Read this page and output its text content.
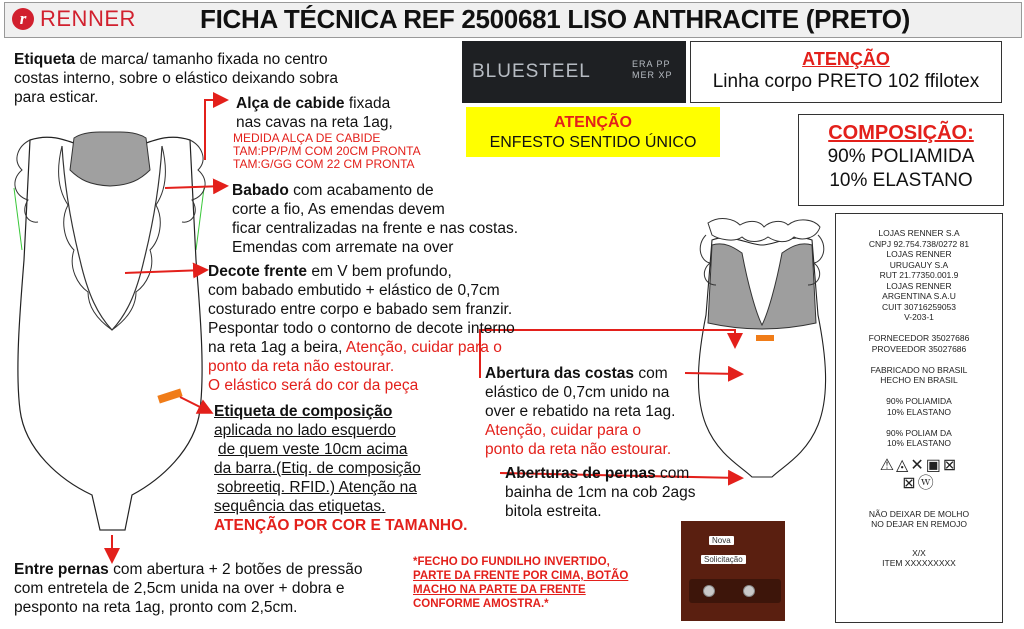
r RENNER FICHA TÉCNICA REF 2500681 LISO ANTHRACITE (PRETO)
BLUESTEEL	ERA PP
MER XP
ATENÇÃO
Linha corpo PRETO 102 ffilotex
ATENÇÃO
ENFESTO SENTIDO ÚNICO	COMPOSIÇÃO:
90% POLIAMIDA
10% ELASTANO
Etiqueta de marca/ tamanho fixada no centro
costas interno, sobre o elástico deixando sobra
para esticar.	Alça de cabide fixada
nas cavas na reta 1ag,
MEDIDA ALÇA DE CABIDE
TAM:PP/P/M COM 20CM PRONTA
TAM:G/GG COM 22 CM PRONTA
Babado com acabamento de
corte a fio, As emendas devem
ficar centralizadas na frente e nas costas.
Emendas com arremate na over
Decote frente em V bem profundo,
com babado embutido + elástico de 0,7cm
costurado entre corpo e babado sem franzir.
Pespontar todo o contorno de decote interno
na reta 1ag a beira, Atenção, cuidar para o
ponto da reta não estourar.
O elástico será do cor da peça
Etiqueta de composição
aplicada no lado esquerdo
de quem veste 10cm acima
da barra.(Etiq. de composição
sobreetiq. RFID.) Atenção na
sequência das etiquetas.
ATENÇÃO POR COR E TAMANHO.
Abertura das costas com
elástico de 0,7cm unido na
over e rebatido na reta 1ag.
Atenção, cuidar para o
ponto da reta não estourar.
Aberturas de pernas com
bainha de 1cm na cob 2ags
bitola estreita.
Entre pernas com abertura + 2 botões de pressão
com entretela de 2,5cm unida na over + dobra e
pesponto na reta 1ag, pronto com 2,5cm.
*FECHO DO FUNDILHO INVERTIDO,
PARTE DA FRENTE POR CIMA, BOTÃO
MACHO NA PARTE DA FRENTE
CONFORME AMOSTRA.*
Nova
Solicitação
LOJAS RENNER S.A
CNPJ 92.754.738/0272 81
LOJAS RENNER
URUGAUY S.A
RUT 21.77350.001.9
LOJAS RENNER
ARGENTINA S.A.U
CUIT 30716259053
V-203-1

FORNECEDOR 35027686
PROVEEDOR 35027686

FABRICADO NO BRASIL
HECHO EN BRASIL

90% POLIAMIDA
10% ELASTANO

90% POLIAM DA
10% ELASTANO
⚠◬✕▣⊠
⊠ⓦ
NÃO DEIXAR DE MOLHO
NO DEJAR EN REMOJO
X/X
ITEM XXXXXXXXX
